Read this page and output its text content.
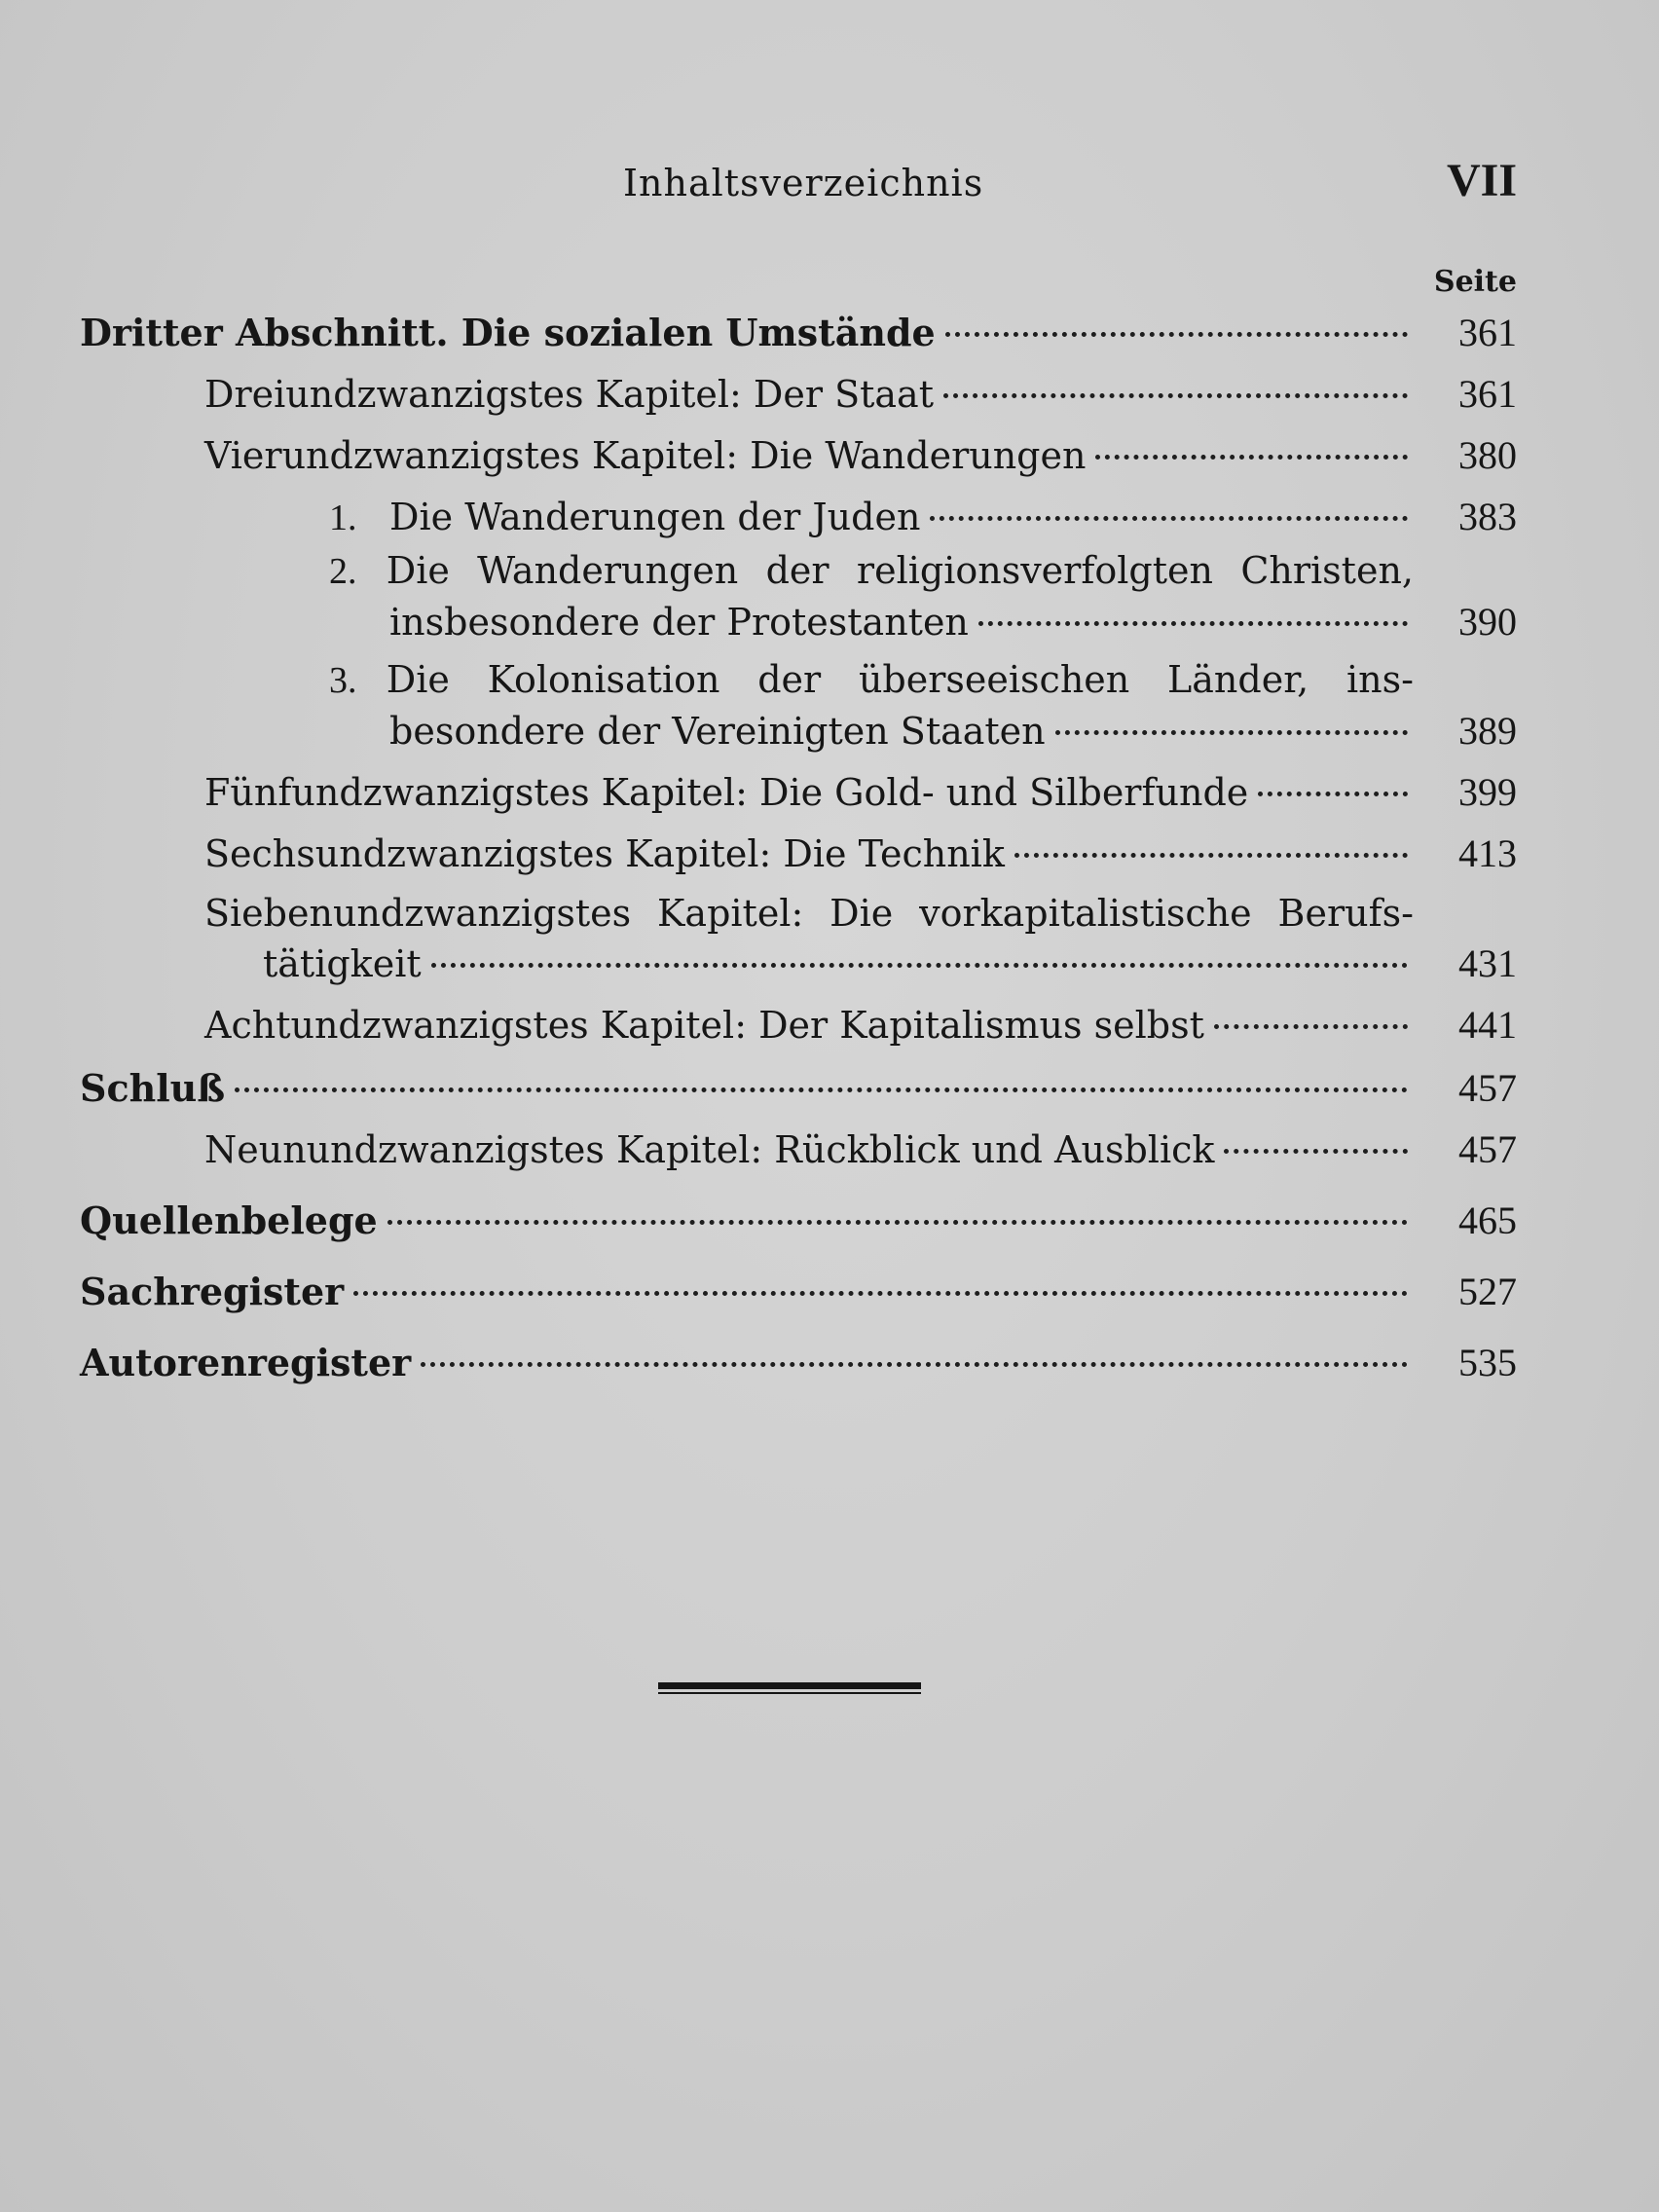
Inhaltsverzeichnis	VII
Seite
Dritter Abschnitt. Die sozialen Umstände	361
Dreiundzwanzigstes Kapitel: Der Staat	361
Vierundzwanzigstes Kapitel: Die Wanderungen	380
1. Die Wanderungen der Juden	383
2. Die Wanderungen der religionsverfolgten Christen,
insbesondere der Protestanten	390
3. Die Kolonisation der überseeischen Länder, ins-
besondere der Vereinigten Staaten	389
Fünfundzwanzigstes Kapitel: Die Gold- und Silberfunde	399
Sechsundzwanzigstes Kapitel: Die Technik	413
Siebenundzwanzigstes Kapitel: Die vorkapitalistische Berufs-
tätigkeit	431
Achtundzwanzigstes Kapitel: Der Kapitalismus selbst	441
Schluß	457
Neunundzwanzigstes Kapitel: Rückblick und Ausblick	457
Quellenbelege	465
Sachregister	527
Autorenregister	535
